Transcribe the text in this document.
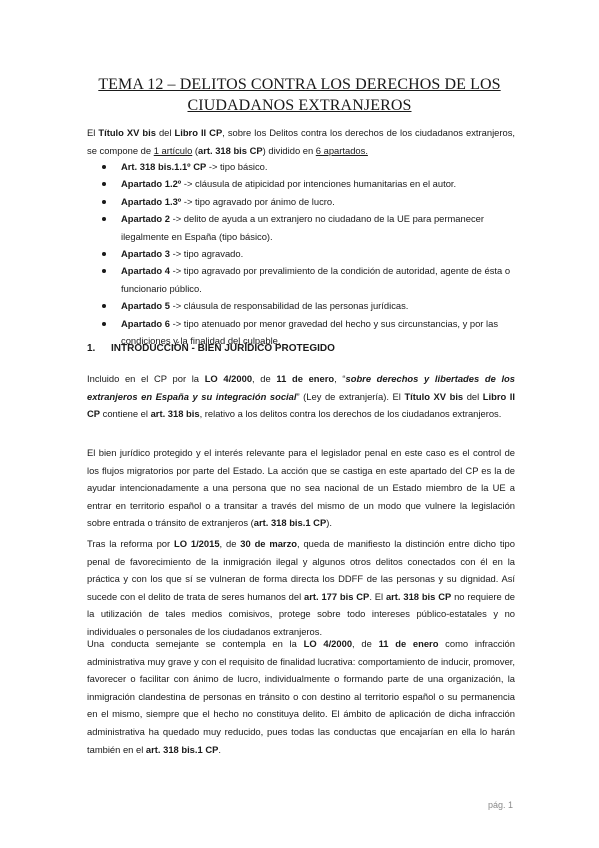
TEMA 12 – DELITOS CONTRA LOS DERECHOS DE LOS
CIUDADANOS EXTRANJEROS
El Título XV bis del Libro II CP, sobre los Delitos contra los derechos de los ciudadanos extranjeros, se compone de 1 artículo (art. 318 bis CP) dividido en 6 apartados.
Art. 318 bis.1.1º CP -> tipo básico.
Apartado 1.2º -> cláusula de atipicidad por intenciones humanitarias en el autor.
Apartado 1.3º -> tipo agravado por ánimo de lucro.
Apartado 2 -> delito de ayuda a un extranjero no ciudadano de la UE para permanecer ilegalmente en España (tipo básico).
Apartado 3 -> tipo agravado.
Apartado 4 -> tipo agravado por prevalimiento de la condición de autoridad, agente de ésta o funcionario público.
Apartado 5 -> cláusula de responsabilidad de las personas jurídicas.
Apartado 6 -> tipo atenuado por menor gravedad del hecho y sus circunstancias, y por las condiciones y la finalidad del culpable.
1. INTRODUCCIÓN - BIEN JURÍDICO PROTEGIDO
Incluido en el CP por la LO 4/2000, de 11 de enero, “sobre derechos y libertades de los extranjeros en España y su integración social” (Ley de extranjería). El Título XV bis del Libro II CP contiene el art. 318 bis, relativo a los delitos contra los derechos de los ciudadanos extranjeros.
El bien jurídico protegido y el interés relevante para el legislador penal en este caso es el control de los flujos migratorios por parte del Estado. La acción que se castiga en este apartado del CP es la de ayudar intencionadamente a una persona que no sea nacional de un Estado miembro de la UE a entrar en territorio español o a transitar a través del mismo de un modo que vulnere la legislación sobre entrada o tránsito de extranjeros (art. 318 bis.1 CP).
Tras la reforma por LO 1/2015, de 30 de marzo, queda de manifiesto la distinción entre dicho tipo penal de favorecimiento de la inmigración ilegal y algunos otros delitos conectados con él en la práctica y con los que sí se vulneran de forma directa los DDFF de las personas y su dignidad. Así sucede con el delito de trata de seres humanos del art. 177 bis CP. El art. 318 bis CP no requiere de la utilización de tales medios comisivos, protege sobre todo intereses público-estatales y no individuales o personales de los ciudadanos extranjeros.
Una conducta semejante se contempla en la LO 4/2000, de 11 de enero como infracción administrativa muy grave y con el requisito de finalidad lucrativa: comportamiento de inducir, promover, favorecer o facilitar con ánimo de lucro, individualmente o formando parte de una organización, la inmigración clandestina de personas en tránsito o con destino al territorio español o su permanencia en el mismo, siempre que el hecho no constituya delito. El ámbito de aplicación de dicha infracción administrativa ha quedado muy reducido, pues todas las conductas que encajarían en ella lo harán también en el art. 318 bis.1 CP.
pág. 1
